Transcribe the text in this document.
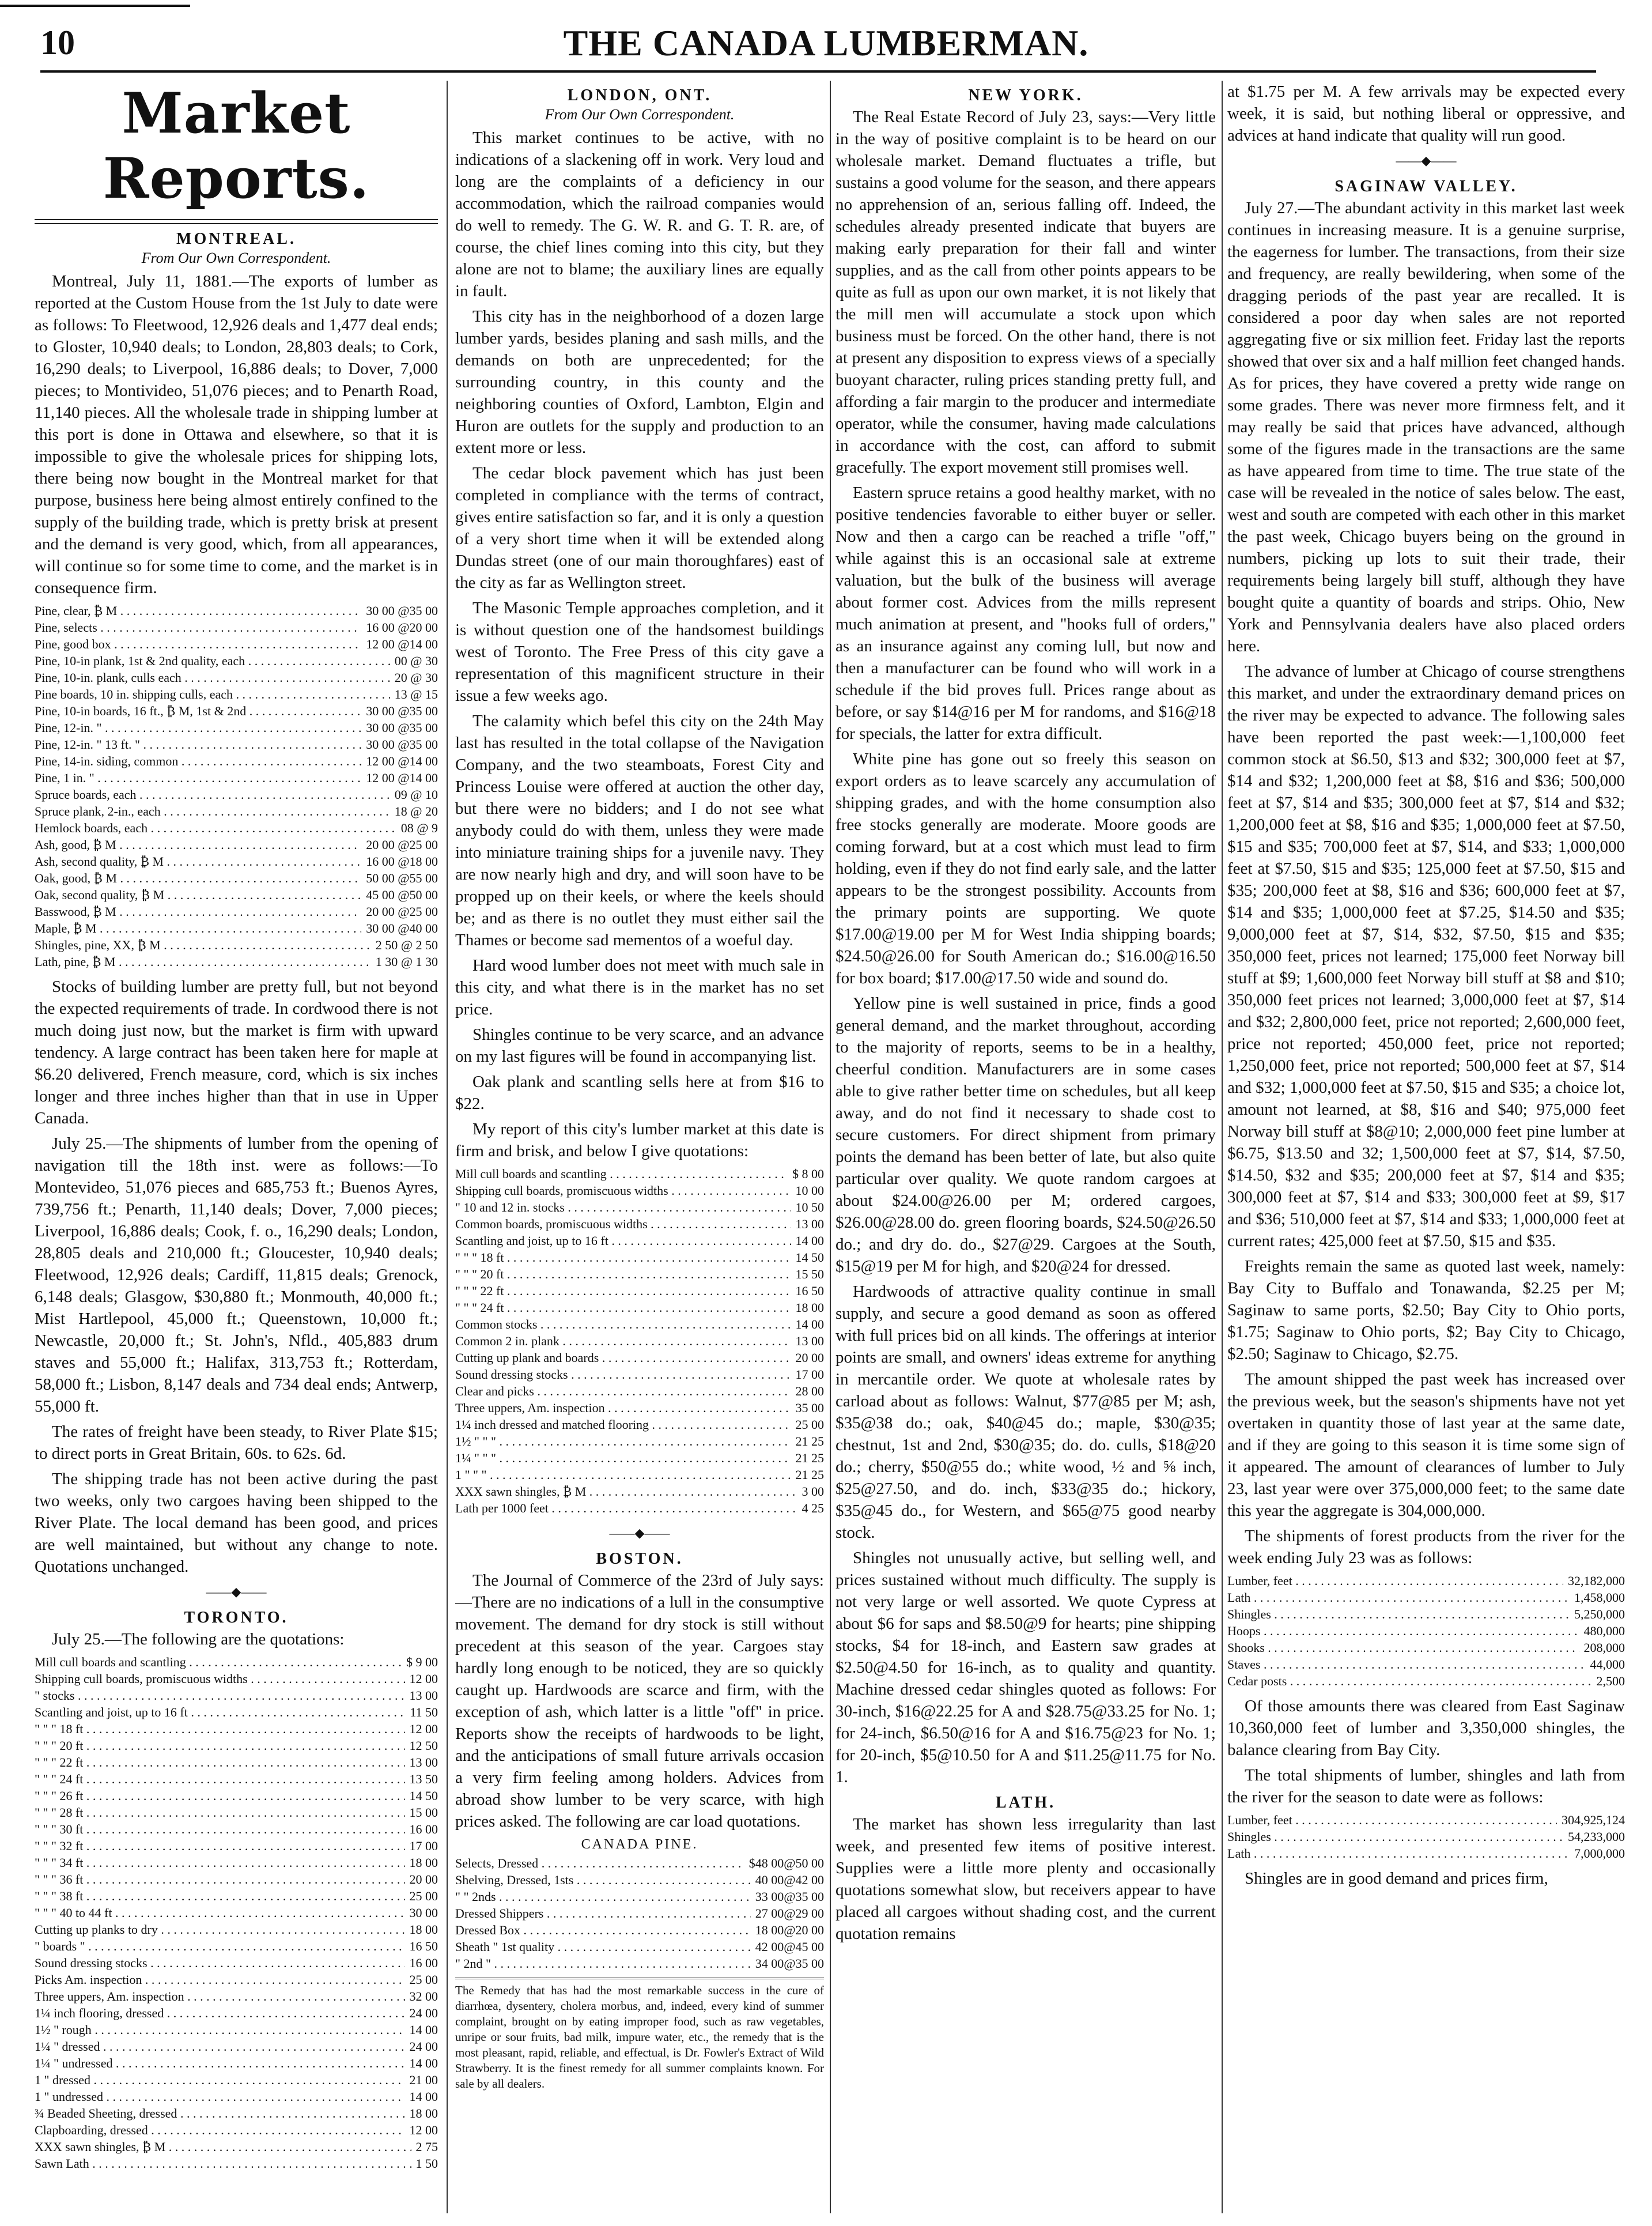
10	THE CANADA LUMBERMAN.
Market Reports.
MONTREAL.
From Our Own Correspondent.

Montreal, July 11, 1881.—The exports of lumber as reported at the Custom House from the 1st July to date were as follows: To Fleetwood, 12,926 deals and 1,477 deal ends; to Gloster, 10,940 deals; to London, 28,803 deals; to Cork, 16,290 deals; to Liverpool, 16,886 deals; to Dover, 7,000 pieces; to Montivideo, 51,076 pieces; and to Penarth Road, 11,140 pieces. All the wholesale trade in shipping lumber at this port is done in Ottawa and elsewhere, so that it is impossible to give the wholesale prices for shipping lots, there being now bought in the Montreal market for that purpose, business here being almost entirely confined to the supply of the building trade, which is pretty brisk at present and the demand is very good, which, from all appearances, will continue so for some time to come, and the market is in consequence firm.

Pine, clear, ₿ M . . .	30 00 @35 00
Pine, selects . . .	16 00 @20 00
Pine, good box . . .	12 00 @14 00
Pine, 10-in plank, 1st & 2nd quality, each . . .	00 @ 30
Pine, 10-in. plank, culls each . . .	20 @ 30
Pine boards, 10 in. shipping culls, each . . .	13 @ 15
Pine, 10-in boards, 16 ft., ₿ M, 1st & 2nd . . .	30 00 @35 00
Pine, 12-in. " . . .	30 00 @35 00
Pine, 12-in. " 13 ft. " . . .	30 00 @35 00
Pine, 14-in. siding, common . . .	12 00 @14 00
Pine, 1 in. " . . .	12 00 @14 00
Spruce boards, each . . .	09 @ 10
Spruce plank, 2-in., each . . .	18 @ 20
Hemlock boards, each . . .	08 @ 9
Ash, good, ₿ M . . .	20 00 @25 00
Ash, second quality, ₿ M . . .	16 00 @18 00
Oak, good, ₿ M . . .	50 00 @55 00
Oak, second quality, ₿ M . . .	45 00 @50 00
Basswood, ₿ M . . .	20 00 @25 00
Maple, ₿ M . . .	30 00 @40 00
Shingles, pine, XX, ₿ M . . .	2 50 @ 2 50
Lath, pine, ₿ M . . .	1 30 @ 1 30

Stocks of building lumber are pretty full, but not beyond the expected requirements of trade. In cordwood there is not much doing just now, but the market is firm with upward tendency. A large contract has been taken here for maple at $6.20 delivered, French measure, cord, which is six inches longer and three inches higher than that in use in Upper Canada.

July 25.—The shipments of lumber from the opening of navigation till the 18th inst. were as follows:—To Montevideo, 51,076 pieces and 685,753 ft.; Buenos Ayres, 739,756 ft.; Penarth, 11,140 deals; Dover, 7,000 pieces; Liverpool, 16,886 deals; Cook, f. o., 16,290 deals; London, 28,805 deals and 210,000 ft.; Gloucester, 10,940 deals; Fleetwood, 12,926 deals; Cardiff, 11,815 deals; Grenock, 6,148 deals; Glasgow, $30,880 ft.; Monmouth, 40,000 ft.; Mist Hartlepool, 45,000 ft.; Queenstown, 10,000 ft.; Newcastle, 20,000 ft.; St. John's, Nfld., 405,883 drum staves and 55,000 ft.; Halifax, 313,753 ft.; Rotterdam, 58,000 ft.; Lisbon, 8,147 deals and 734 deal ends; Antwerp, 55,000 ft.

The rates of freight have been steady, to River Plate $15; to direct ports in Great Britain, 60s. to 62s. 6d.

The shipping trade has not been active during the past two weeks, only two cargoes having been shipped to the River Plate. The local demand has been good, and prices are well maintained, but without any change to note. Quotations unchanged.

——◆——
TORONTO.

July 25.—The following are the quotations:

Mill cull boards and scantling . . .	$ 9 00
Shipping cull boards, promiscuous widths . . .	12 00
" stocks . . .	13 00
Scantling and joist, up to 16 ft . . .	11 50
" " " 18 ft . . .	12 00
" " " 20 ft . . .	12 50
" " " 22 ft . . .	13 00
" " " 24 ft . . .	13 50
" " " 26 ft . . .	14 50
" " " 28 ft . . .	15 00
" " " 30 ft . . .	16 00
" " " 32 ft . . .	17 00
" " " 34 ft . . .	18 00
" " " 36 ft . . .	20 00
" " " 38 ft . . .	25 00
" " " 40 to 44 ft . . .	30 00
Cutting up planks to dry . . .	18 00
" boards " . . .	16 50
Sound dressing stocks . . .	16 00
Picks Am. inspection . . .	25 00
Three uppers, Am. inspection . . .	32 00
1¼ inch flooring, dressed . . .	24 00
1½ " rough . . .	14 00
1¼ " dressed . . .	24 00
1¼ " undressed . . .	14 00
1 " dressed . . .	21 00
1 " undressed . . .	14 00
¾ Beaded Sheeting, dressed . . .	18 00
Clapboarding, dressed . . .	12 00
XXX sawn shingles, ₿ M . . .	2 75
Sawn Lath . . .	1 50
LONDON, ONT.
From Our Own Correspondent.

This market continues to be active, with no indications of a slackening off in work. Very loud and long are the complaints of a deficiency in our accommodation, which the railroad companies would do well to remedy. The G. W. R. and G. T. R. are, of course, the chief lines coming into this city, but they alone are not to blame; the auxiliary lines are equally in fault.

This city has in the neighborhood of a dozen large lumber yards, besides planing and sash mills, and the demands on both are unprecedented; for the surrounding country, in this county and the neighboring counties of Oxford, Lambton, Elgin and Huron are outlets for the supply and production to an extent more or less.

The cedar block pavement which has just been completed in compliance with the terms of contract, gives entire satisfaction so far, and it is only a question of a very short time when it will be extended along Dundas street (one of our main thoroughfares) east of the city as far as Wellington street.

The Masonic Temple approaches completion, and it is without question one of the handsomest buildings west of Toronto. The Free Press of this city gave a representation of this magnificent structure in their issue a few weeks ago.

The calamity which befel this city on the 24th May last has resulted in the total collapse of the Navigation Company, and the two steamboats, Forest City and Princess Louise were offered at auction the other day, but there were no bidders; and I do not see what anybody could do with them, unless they were made into miniature training ships for a juvenile navy. They are now nearly high and dry, and will soon have to be propped up on their keels, or where the keels should be; and as there is no outlet they must either sail the Thames or become sad mementos of a woeful day.

Hard wood lumber does not meet with much sale in this city, and what there is in the market has no set price.

Shingles continue to be very scarce, and an advance on my last figures will be found in accompanying list.

Oak plank and scantling sells here at from $16 to $22.

My report of this city's lumber market at this date is firm and brisk, and below I give quotations:

Mill cull boards and scantling . . .	$ 8 00
Shipping cull boards, promiscuous widths . . .	10 00
" 10 and 12 in. stocks . . .	10 50
Common boards, promiscuous widths . . .	13 00
Scantling and joist, up to 16 ft . . .	14 00
" " " 18 ft . . .	14 50
" " " 20 ft . . .	15 50
" " " 22 ft . . .	16 50
" " " 24 ft . . .	18 00
Common stocks . . .	14 00
Common 2 in. plank . . .	13 00
Cutting up plank and boards . . .	20 00
Sound dressing stocks . . .	17 00
Clear and picks . . .	28 00
Three uppers, Am. inspection . . .	35 00
1¼ inch dressed and matched flooring . . .	25 00
1½ " " " . . .	21 25
1¼ " " " . . .	21 25
1 " " " . . .	21 25
XXX sawn shingles, ₿ M . . .	3 00
Lath per 1000 feet . . .	4 25
——◆——
BOSTON.

The Journal of Commerce of the 23rd of July says:—There are no indications of a lull in the consumptive movement. The demand for dry stock is still without precedent at this season of the year. Cargoes stay hardly long enough to be noticed, they are so quickly caught up. Hardwoods are scarce and firm, with the exception of ash, which latter is a little "off" in price. Reports show the receipts of hardwoods to be light, and the anticipations of small future arrivals occasion a very firm feeling among holders. Advices from abroad show lumber to be very scarce, with high prices asked. The following are car load quotations.

CANADA PINE.
Selects, Dressed . . .	$48 00@50 00
Shelving, Dressed, 1sts . . .	40 00@42 00
" " 2nds . . .	33 00@35 00
Dressed Shippers . . .	27 00@29 00
Dressed Box . . .	18 00@20 00
Sheath " 1st quality . . .	42 00@45 00
" 2nd " . . .	34 00@35 00
The Remedy that has had the most remarkable success in the cure of diarrhœa, dysentery, cholera morbus, and, indeed, every kind of summer complaint, brought on by eating improper food, such as raw vegetables, unripe or sour fruits, bad milk, impure water, etc., the remedy that is the most pleasant, rapid, reliable, and effectual, is Dr. Fowler's Extract of Wild Strawberry. It is the finest remedy for all summer complaints known. For sale by all dealers.
NEW YORK.

The Real Estate Record of July 23, says:—Very little in the way of positive complaint is to be heard on our wholesale market. Demand fluctuates a trifle, but sustains a good volume for the season, and there appears no apprehension of an, serious falling off. Indeed, the schedules already presented indicate that buyers are making early preparation for their fall and winter supplies, and as the call from other points appears to be quite as full as upon our own market, it is not likely that the mill men will accumulate a stock upon which business must be forced. On the other hand, there is not at present any disposition to express views of a specially buoyant character, ruling prices standing pretty full, and affording a fair margin to the producer and intermediate operator, while the consumer, having made calculations in accordance with the cost, can afford to submit gracefully. The export movement still promises well.

Eastern spruce retains a good healthy market, with no positive tendencies favorable to either buyer or seller. Now and then a cargo can be reached a trifle "off," while against this is an occasional sale at extreme valuation, but the bulk of the business will average about former cost. Advices from the mills represent much animation at present, and "hooks full of orders," as an insurance against any coming lull, but now and then a manufacturer can be found who will work in a schedule if the bid proves full. Prices range about as before, or say $14@16 per M for randoms, and $16@18 for specials, the latter for extra difficult.

White pine has gone out so freely this season on export orders as to leave scarcely any accumulation of shipping grades, and with the home consumption also free stocks generally are moderate. Moore goods are coming forward, but at a cost which must lead to firm holding, even if they do not find early sale, and the latter appears to be the strongest possibility. Accounts from the primary points are supporting. We quote $17.00@19.00 per M for West India shipping boards; $24.50@26.00 for South American do.; $16.00@16.50 for box board; $17.00@17.50 wide and sound do.

Yellow pine is well sustained in price, finds a good general demand, and the market throughout, according to the majority of reports, seems to be in a healthy, cheerful condition. Manufacturers are in some cases able to give rather better time on schedules, but all keep away, and do not find it necessary to shade cost to secure customers. For direct shipment from primary points the demand has been better of late, but also quite particular over quality. We quote random cargoes at about $24.00@26.00 per M; ordered cargoes, $26.00@28.00 do. green flooring boards, $24.50@26.50 do.; and dry do. do., $27@29. Cargoes at the South, $15@19 per M for high, and $20@24 for dressed.

Hardwoods of attractive quality continue in small supply, and secure a good demand as soon as offered with full prices bid on all kinds. The offerings at interior points are small, and owners' ideas extreme for anything in mercantile order. We quote at wholesale rates by carload about as follows: Walnut, $77@85 per M; ash, $35@38 do.; oak, $40@45 do.; maple, $30@35; chestnut, 1st and 2nd, $30@35; do. do. culls, $18@20 do.; cherry, $50@55 do.; white wood, ½ and ⅝ inch, $25@27.50, and do. inch, $33@35 do.; hickory, $35@45 do., for Western, and $65@75 good nearby stock.

Shingles not unusually active, but selling well, and prices sustained without much difficulty. The supply is not very large or well assorted. We quote Cypress at about $6 for saps and $8.50@9 for hearts; pine shipping stocks, $4 for 18-inch, and Eastern saw grades at $2.50@4.50 for 16-inch, as to quality and quantity. Machine dressed cedar shingles quoted as follows: For 30-inch, $16@22.25 for A and $28.75@33.25 for No. 1; for 24-inch, $6.50@16 for A and $16.75@23 for No. 1; for 20-inch, $5@10.50 for A and $11.25@11.75 for No. 1.

LATH.

The market has shown less irregularity than last week, and presented few items of positive interest. Supplies were a little more plenty and occasionally quotations somewhat slow, but receivers appear to have placed all cargoes without shading cost, and the current quotation remains

at $1.75 per M. A few arrivals may be expected every week, it is said, but nothing liberal or oppressive, and advices at hand indicate that quality will run good.

——◆——
SAGINAW VALLEY.

July 27.—The abundant activity in this market last week continues in increasing measure. It is a genuine surprise, the eagerness for lumber. The transactions, from their size and frequency, are really bewildering, when some of the dragging periods of the past year are recalled. It is considered a poor day when sales are not reported aggregating five or six million feet. Friday last the reports showed that over six and a half million feet changed hands. As for prices, they have covered a pretty wide range on some grades. There was never more firmness felt, and it may really be said that prices have advanced, although some of the figures made in the transactions are the same as have appeared from time to time. The true state of the case will be revealed in the notice of sales below. The east, west and south are competed with each other in this market the past week, Chicago buyers being on the ground in numbers, picking up lots to suit their trade, their requirements being largely bill stuff, although they have bought quite a quantity of boards and strips. Ohio, New York and Pennsylvania dealers have also placed orders here.

The advance of lumber at Chicago of course strengthens this market, and under the extraordinary demand prices on the river may be expected to advance. The following sales have been reported the past week:—1,100,000 feet common stock at $6.50, $13 and $32; 300,000 feet at $7, $14 and $32; 1,200,000 feet at $8, $16 and $36; 500,000 feet at $7, $14 and $35; 300,000 feet at $7, $14 and $32; 1,200,000 feet at $8, $16 and $35; 1,000,000 feet at $7.50, $15 and $35; 700,000 feet at $7, $14, and $33; 1,000,000 feet at $7.50, $15 and $35; 125,000 feet at $7.50, $15 and $35; 200,000 feet at $8, $16 and $36; 600,000 feet at $7, $14 and $35; 1,000,000 feet at $7.25, $14.50 and $35; 9,000,000 feet at $7, $14, $32, $7.50, $15 and $35; 350,000 feet, prices not learned; 175,000 feet Norway bill stuff at $9; 1,600,000 feet Norway bill stuff at $8 and $10; 350,000 feet prices not learned; 3,000,000 feet at $7, $14 and $32; 2,800,000 feet, price not reported; 2,600,000 feet, price not reported; 450,000 feet, price not reported; 1,250,000 feet, price not reported; 500,000 feet at $7, $14 and $32; 1,000,000 feet at $7.50, $15 and $35; a choice lot, amount not learned, at $8, $16 and $40; 975,000 feet Norway bill stuff at $8@10; 2,000,000 feet pine lumber at $6.75, $13.50 and 32; 1,500,000 feet at $7, $14, $7.50, $14.50, $32 and $35; 200,000 feet at $7, $14 and $35; 300,000 feet at $7, $14 and $33; 300,000 feet at $9, $17 and $36; 510,000 feet at $7, $14 and $33; 1,000,000 feet at current rates; 425,000 feet at $7.50, $15 and $35.

Freights remain the same as quoted last week, namely: Bay City to Buffalo and Tonawanda, $2.25 per M; Saginaw to same ports, $2.50; Bay City to Ohio ports, $1.75; Saginaw to Ohio ports, $2; Bay City to Chicago, $2.50; Saginaw to Chicago, $2.75.

The amount shipped the past week has increased over the previous week, but the season's shipments have not yet overtaken in quantity those of last year at the same date, and if they are going to this season it is time some sign of it appeared. The amount of clearances of lumber to July 23, last year were over 375,000,000 feet; to the same date this year the aggregate is 304,000,000.

The shipments of forest products from the river for the week ending July 23 was as follows:

Lumber, feet . . .	32,182,000
Lath . . .	1,458,000
Shingles . . .	5,250,000
Hoops . . .	480,000
Shooks . . .	208,000
Staves . . .	44,000
Cedar posts . . .	2,500

Of those amounts there was cleared from East Saginaw 10,360,000 feet of lumber and 3,350,000 shingles, the balance clearing from Bay City.

The total shipments of lumber, shingles and lath from the river for the season to date were as follows:

Lumber, feet . . .	304,925,124
Shingles . . .	54,233,000
Lath . . .	7,000,000

Shingles are in good demand and prices firm,
